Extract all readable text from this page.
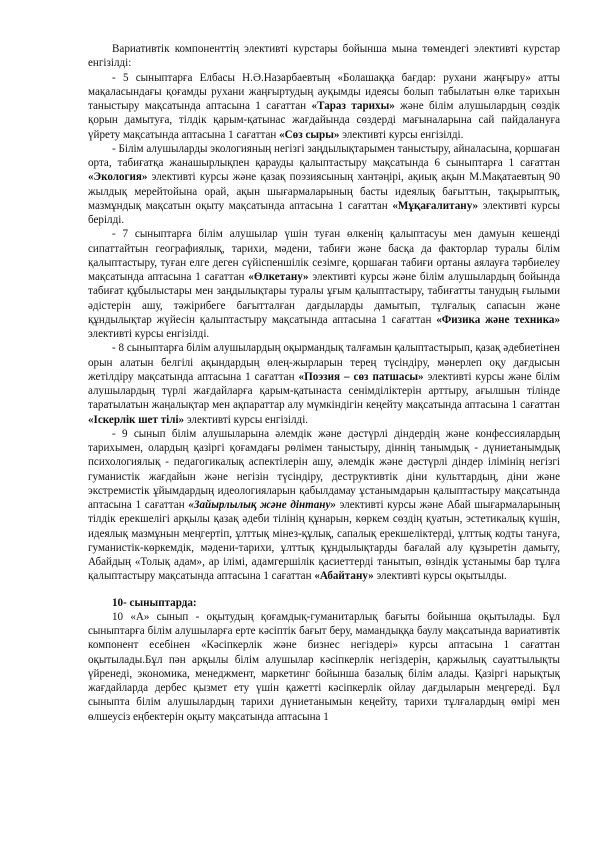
Вариативтік компоненттің элективті курстары бойынша мына төмендегі элективті курстар енгізілді:

- 5 сыныптарға Елбасы Н.Ә.Назарбаевтың «Болашаққа бағдар: рухани жаңғыру» атты мақаласындағы қоғамды рухани жаңғыртудың ауқымды идеясы болып табылатын өлке тарихын таныстыру мақсатында аптасына 1 сағаттан «Тараз тарихы» және білім алушылардың сөздік қорын дамытуға, тілдік қарым-қатынас жағдайында сөздерді мағыналарына сай пайдалануға үйрету мақсатында аптасына 1 сағаттан «Сөз сыры» элективті курсы енгізілді.

- Білім алушыларды экологияның негізгі заңдылықтарымен таныстыру, айналасына, қоршаған орта, табиғатқа жанашырлықпен қарауды қалыптастыру мақсатында 6 сыныптарға 1 сағаттан «Экология» элективті курсы және қазақ поэзиясының хантәңірі, ақиық ақын М.Мақатаевтың 90 жылдық мерейтойына орай, ақын шығармаларының басты идеялық бағыттын, тақырыптық, мазмұндық мақсатын оқыту мақсатында аптасына 1 сағаттан «Мұқағалитану» элективті курсы берілді.

- 7 сыныптарға білім алушылар үшін туған өлкенің қалыптасуы мен дамуын кешенді сипаттайтын географиялық, тарихи, мәдени, табиғи және басқа да факторлар туралы білім қалыптастыру, туған елге деген сүйіспеншілік сезімге, қоршаған табиғи ортаны аялауға тәрбиелеу мақсатында аптасына 1 сағаттан «Өлкетану» элективті курсы және білім алушылардың бойында табиғат құбылыстары мен заңдылықтары туралы ұғым қалыптастыру, табиғатты танудың ғылыми әдістерін ашу, тәжірибеге бағытталған дағдыларды дамытып, тұлғалық сапасын және құндылықтар жүйесін қалыптастыру мақсатында аптасына 1 сағаттан «Физика және техника» элективті курсы енгізілді.

- 8 сыныптарға білім алушылардың оқырмандық талғамын қалыптастырып, қазақ әдебиетінен орын алатын белгілі ақындардың өлең-жырларын терең түсіндіру, мәнерлеп оқу дағдысын жетілдіру мақсатында аптасына 1 сағаттан «Поэзия – сөз патшасы» элективті курсы және білім алушылардың түрлі жағдайларға қарым-қатынаста сенімділіктерін арттыру, ағылшын тілінде таратылатын жаңалықтар мен ақпараттар алу мүмкіндігін кеңейту мақсатында аптасына 1 сағаттан «Іскерлік шет тілі» элективті курсы енгізілді.

- 9 сынып білім алушыларына әлемдік және дәстүрлі діндердің және конфессиялардың тарихымен, олардың қазіргі қоғамдағы рөлімен таныстыру, діннің танымдық - дүниетанымдық психологиялық - педагогикалық аспектілерін ашу, әлемдік және дәстүрлі діндер ілімінің негізгі гуманистік жағдайын және негізін түсіндіру, деструктивтік діни культтардың, діни және экстремистік ұйымдардың идеологияларын қабылдамау ұстанымдарын қалыптастыру мақсатында аптасына 1 сағаттан «Зайырлылық және дінтану» элективті курсы және Абай шығармаларының тілдік ерекшелігі арқылы қазақ әдеби тілінің құнарын, көркем сөздің қуатын, эстетикалық күшін, идеялық мазмұнын меңгертіп, ұлттық мінез-құлық, сапалық ерекшеліктерді, ұлттық кодты тануға, гуманистік-көркемдік, мәдени-тарихи, ұлттық құндылықтарды бағалай алу құзыретін дамыту, Абайдың «Толық адам», ар ілімі, адамгершілік қасиеттерді танытып, өзіндік ұстанымы бар тұлға қалыптастыру мақсатында аптасына 1 сағаттан «Абайтану» элективті курсы оқытылды.

10- сыныптарда:

10 «А» сынып - оқытудың қоғамдық-гуманитарлық бағыты бойынша оқытылады. Бұл сыныптарға білім алушыларға ерте кәсіптік бағыт беру, мамандыққа баулу мақсатында вариативтік компонент есебінен «Кәсіпкерлік және бизнес негіздері» курсы аптасына 1 сағаттан оқытылады.Бұл пән арқылы білім алушылар кәсіпкерлік негіздерін, қаржылық сауаттылықты үйренеді, экономика, менеджмент, маркетинг бойынша базалық білім алады. Қазіргі нарықтық жағдайларда дербес қызмет ету үшін қажетті кәсіпкерлік ойлау дағдыларын меңгереді. Бұл сыныпта білім алушылардың тарихи дүниетанымын кеңейту, тарихи тұлғалардың өмірі мен өлшеусіз еңбектерін оқыту мақсатында аптасына 1
